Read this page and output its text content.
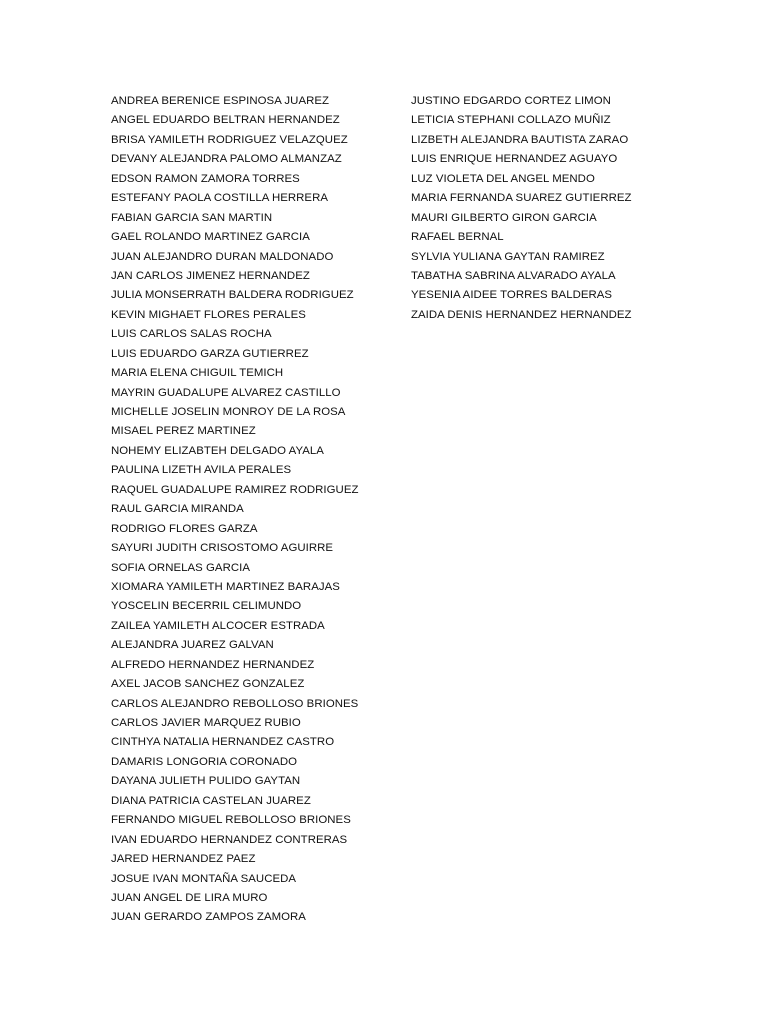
ANDREA BERENICE ESPINOSA JUAREZ
ANGEL EDUARDO BELTRAN HERNANDEZ
BRISA YAMILETH RODRIGUEZ VELAZQUEZ
DEVANY ALEJANDRA PALOMO ALMANZAZ
EDSON RAMON ZAMORA TORRES
ESTEFANY PAOLA COSTILLA HERRERA
FABIAN GARCIA SAN MARTIN
GAEL ROLANDO MARTINEZ GARCIA
JUAN ALEJANDRO DURAN MALDONADO
JAN CARLOS JIMENEZ HERNANDEZ
JULIA MONSERRATH BALDERA RODRIGUEZ
KEVIN MIGHAET FLORES PERALES
LUIS CARLOS SALAS ROCHA
LUIS EDUARDO GARZA GUTIERREZ
MARIA ELENA CHIGUIL TEMICH
MAYRIN GUADALUPE ALVAREZ CASTILLO
MICHELLE JOSELIN MONROY DE LA ROSA
MISAEL PEREZ MARTINEZ
NOHEMY ELIZABTEH DELGADO AYALA
PAULINA LIZETH AVILA PERALES
RAQUEL GUADALUPE RAMIREZ RODRIGUEZ
RAUL GARCIA MIRANDA
RODRIGO FLORES GARZA
SAYURI JUDITH CRISOSTOMO AGUIRRE
SOFIA ORNELAS GARCIA
XIOMARA YAMILETH MARTINEZ BARAJAS
YOSCELIN BECERRIL CELIMUNDO
ZAILEA YAMILETH ALCOCER ESTRADA
ALEJANDRA JUAREZ GALVAN
ALFREDO HERNANDEZ HERNANDEZ
AXEL JACOB SANCHEZ GONZALEZ
CARLOS ALEJANDRO REBOLLOSO BRIONES
CARLOS JAVIER MARQUEZ RUBIO
CINTHYA NATALIA HERNANDEZ CASTRO
DAMARIS LONGORIA CORONADO
DAYANA JULIETH PULIDO GAYTAN
DIANA PATRICIA CASTELAN JUAREZ
FERNANDO MIGUEL REBOLLOSO BRIONES
IVAN EDUARDO HERNANDEZ CONTRERAS
JARED HERNANDEZ PAEZ
JOSUE IVAN MONTAÑA SAUCEDA
JUAN ANGEL DE LIRA MURO
JUAN GERARDO ZAMPOS ZAMORA
JUSTINO EDGARDO CORTEZ LIMON
LETICIA STEPHANI COLLAZO MUÑIZ
LIZBETH ALEJANDRA BAUTISTA ZARAO
LUIS ENRIQUE HERNANDEZ AGUAYO
LUZ VIOLETA DEL ANGEL MENDO
MARIA FERNANDA SUAREZ GUTIERREZ
MAURI GILBERTO GIRON GARCIA
RAFAEL BERNAL
SYLVIA YULIANA GAYTAN RAMIREZ
TABATHA SABRINA ALVARADO AYALA
YESENIA AIDEE TORRES BALDERAS
ZAIDA DENIS HERNANDEZ HERNANDEZ
